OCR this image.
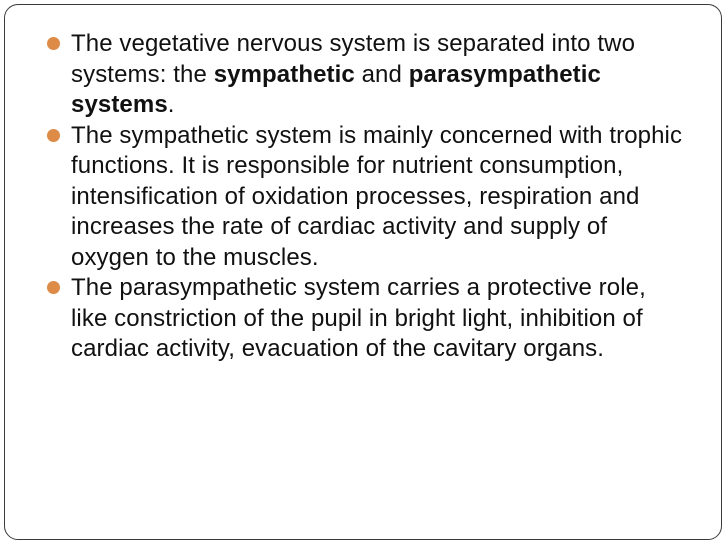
The vegetative nervous system is separated into two systems: the sympathetic and parasympathetic systems.
The sympathetic system is mainly concerned with trophic functions. It is responsible for nutrient consumption, intensification of oxidation processes, respiration and increases the rate of cardiac activity and supply of oxygen to the muscles.
The parasympathetic system carries a protective role, like constriction of the pupil in bright light, inhibition of cardiac activity, evacuation of the cavitary organs.
